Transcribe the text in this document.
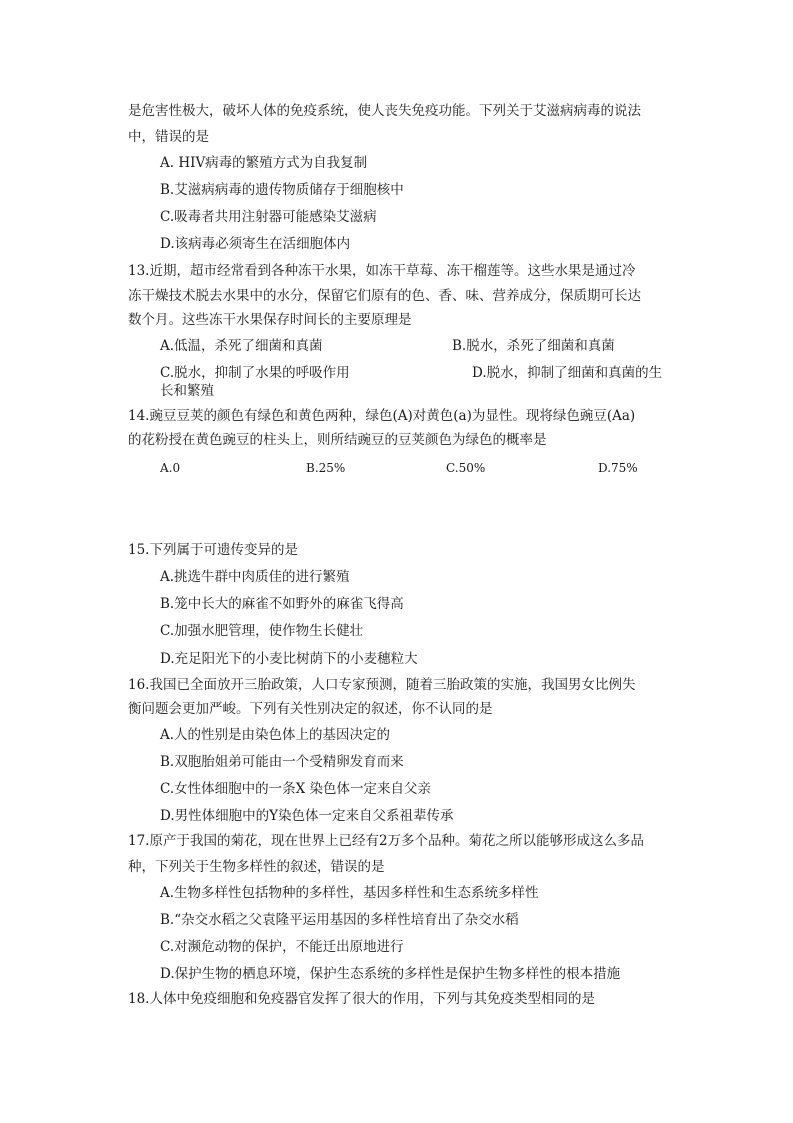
是危害性极大，破坏人体的免疫系统，使人丧失免疫功能。下列关于艾滋病病毒的说法
中，错误的是
A. HIV病毒的繁殖方式为自我复制
B.艾滋病病毒的遗传物质储存于细胞核中
C.吸毒者共用注射器可能感染艾滋病
D.该病毒必须寄生在活细胞体内
13.近期，超市经常看到各种冻干水果，如冻干草莓、冻干榴莲等。这些水果是通过冷
冻干燥技术脱去水果中的水分，保留它们原有的色、香、味、营养成分，保质期可长达
数个月。这些冻干水果保存时间长的主要原理是
A.低温，杀死了细菌和真菌	B.脱水，杀死了细菌和真菌
C.脱水，抑制了水果的呼吸作用	D.脱水，抑制了细菌和真菌的生
长和繁殖
14.豌豆豆荚的颜色有绿色和黄色两种，绿色(A)对黄色(a)为显性。现将绿色豌豆(Aa)
的花粉授在黄色豌豆的柱头上，则所结豌豆的豆荚颜色为绿色的概率是
A.0	B.25%	C.50%	D.75%
15.下列属于可遗传变异的是
A.挑选牛群中肉质佳的进行繁殖
B.笼中长大的麻雀不如野外的麻雀飞得高
C.加强水肥管理，使作物生长健壮
D.充足阳光下的小麦比树荫下的小麦穗粒大
16.我国已全面放开三胎政策，人口专家预测，随着三胎政策的实施，我国男女比例失
衡问题会更加严峻。下列有关性别决定的叙述，你不认同的是
A.人的性别是由染色体上的基因决定的
B.双胞胎姐弟可能由一个受精卵发育而来
C.女性体细胞中的一条X 染色体一定来自父亲
D.男性体细胞中的Y染色体一定来自父系祖辈传承
17.原产于我国的菊花，现在世界上已经有2万多个品种。菊花之所以能够形成这么多品
种，下列关于生物多样性的叙述，错误的是
A.生物多样性包括物种的多样性，基因多样性和生态系统多样性
B.“杂交水稻之父袁隆平运用基因的多样性培育出了杂交水稻
C.对濒危动物的保护，不能迁出原地进行
D.保护生物的栖息环境，保护生态系统的多样性是保护生物多样性的根本措施
18.人体中免疫细胞和免疫器官发挥了很大的作用，下列与其免疫类型相同的是
